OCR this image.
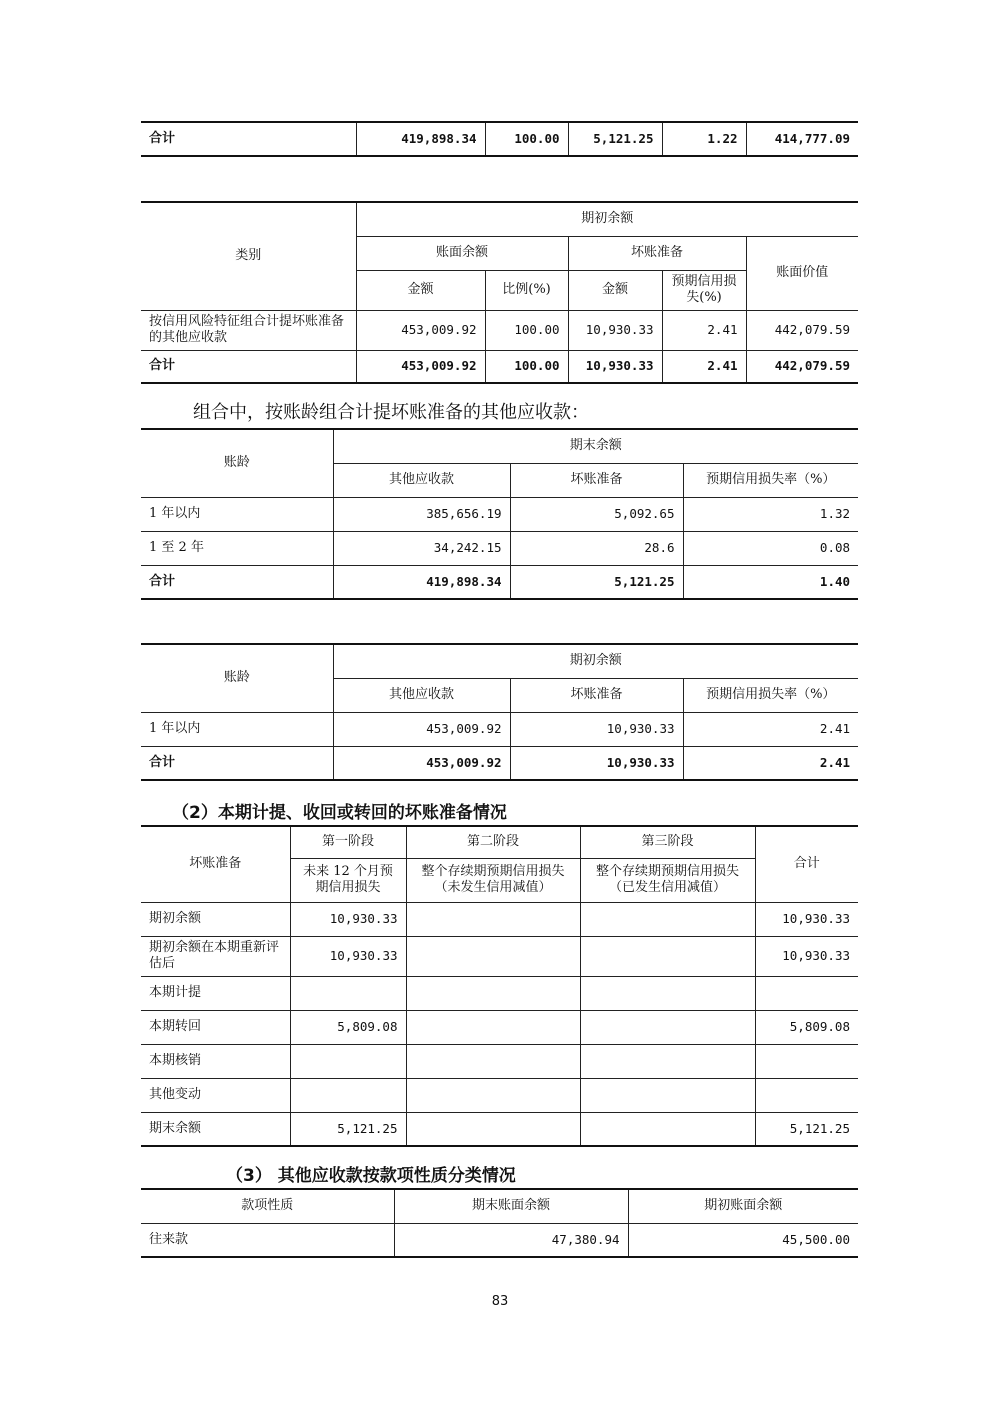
合计	419,898.34	100.00	5,121.25	1.22	414,777.09
类别	期初余额				
	账面余额		坏账准备		账面价值
	金额	比例(%)	金额	预期信用损失(%)	
按信用风险特征组合计提坏账准备的其他应收款	453,009.92	100.00	10,930.33	2.41	442,079.59
合计	453,009.92	100.00	10,930.33	2.41	442,079.59
组合中，按账龄组合计提坏账准备的其他应收款：
账龄	期末余额		
	其他应收款	坏账准备	预期信用损失率（%）
1 年以内	385,656.19	5,092.65	1.32
1 至 2 年	34,242.15	28.6	0.08
合计	419,898.34	5,121.25	1.40
账龄	期初余额		
	其他应收款	坏账准备	预期信用损失率（%）
1 年以内	453,009.92	10,930.33	2.41
合计	453,009.92	10,930.33	2.41
（2）本期计提、收回或转回的坏账准备情况
坏账准备	第一阶段	第二阶段	第三阶段	合计
	未来 12 个月预期信用损失	整个存续期预期信用损失（未发生信用减值）	整个存续期预期信用损失（已发生信用减值）	
期初余额	10,930.33			10,930.33
期初余额在本期重新评估后	10,930.33			10,930.33
本期计提				
本期转回	5,809.08			5,809.08
本期核销				
其他变动				
期末余额	5,121.25			5,121.25
（3） 其他应收款按款项性质分类情况
款项性质	期末账面余额	期初账面余额
往来款	47,380.94	45,500.00
83
